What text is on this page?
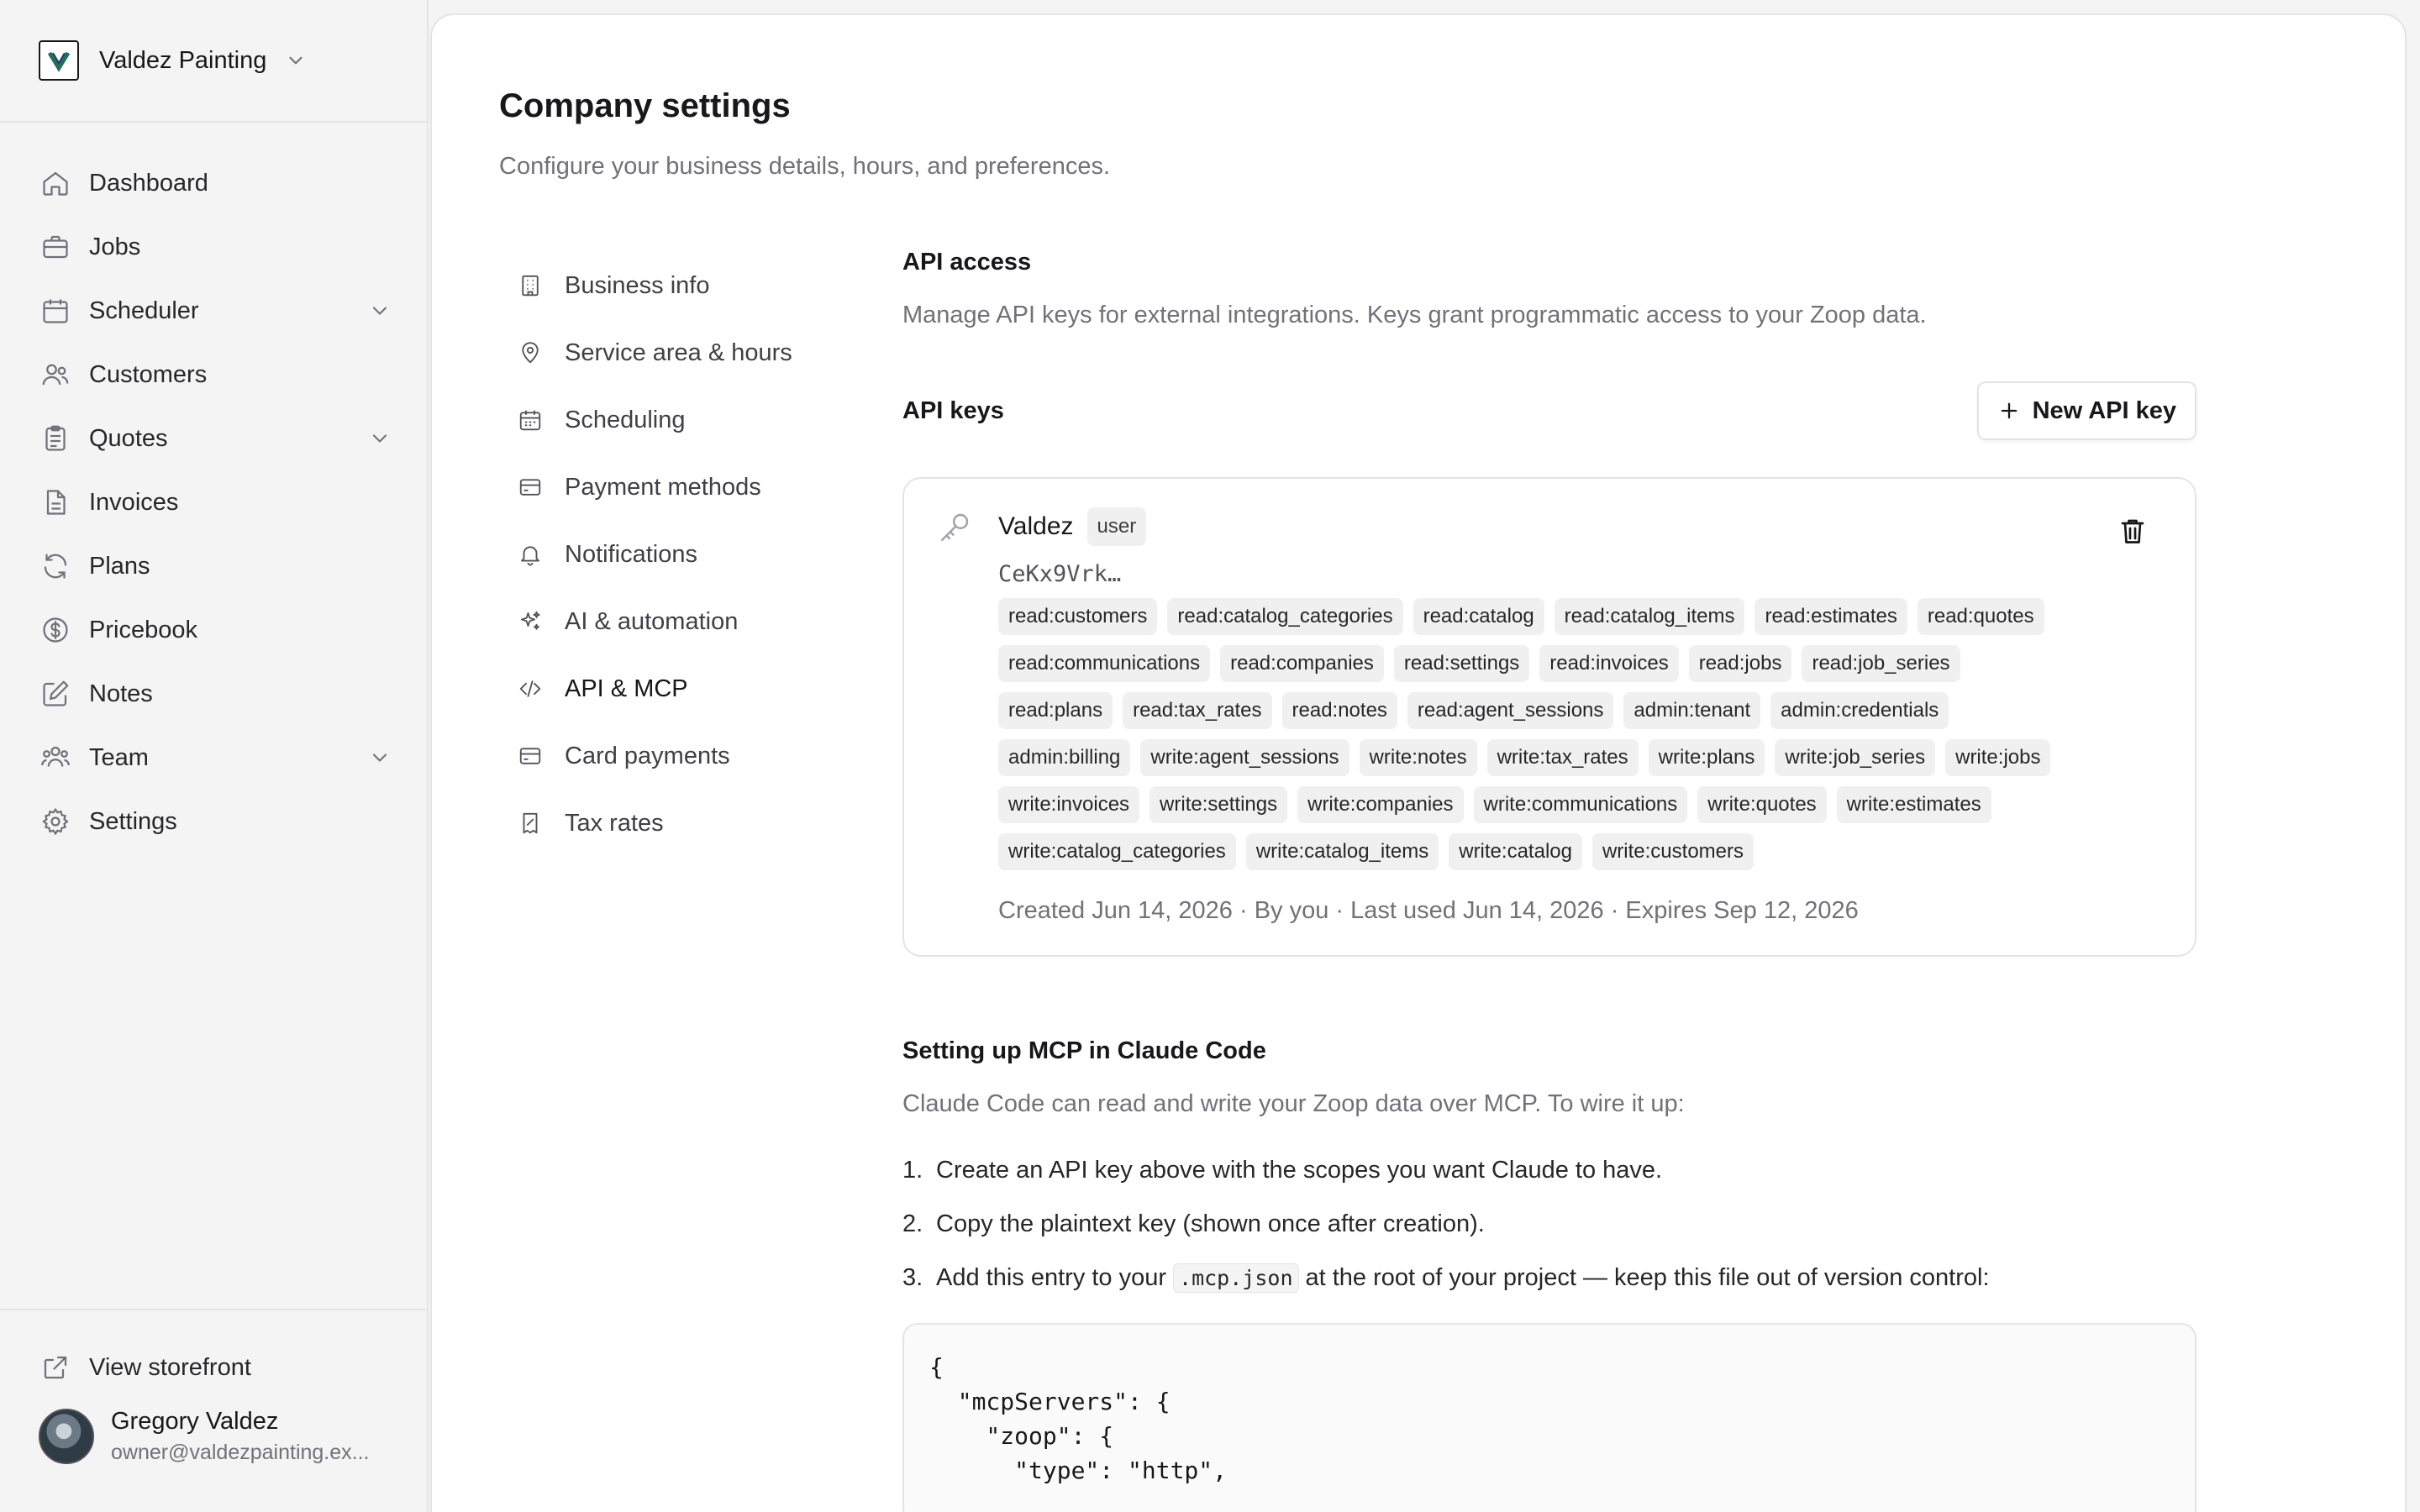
Valdez Painting
Dashboard
Jobs
Scheduler
Customers
Quotes
Invoices
Plans
Pricebook
Notes
Team
Settings
View storefront
Gregory Valdez
owner@valdezpainting.ex...
Company settings
Configure your business details, hours, and preferences.
Business info
Service area & hours
Scheduling
Payment methods
Notifications
AI & automation
API & MCP
Card payments
Tax rates
API access
Manage API keys for external integrations. Keys grant programmatic access to your Zoop data.
API keys	New API key
Valdez	user
CeKx9Vrk…
read:customers	read:catalog_categories	read:catalog	read:catalog_items	read:estimates	read:quotes
read:communications	read:companies	read:settings	read:invoices	read:jobs	read:job_series
read:plans	read:tax_rates	read:notes	read:agent_sessions	admin:tenant	admin:credentials
admin:billing	write:agent_sessions	write:notes	write:tax_rates	write:plans	write:job_series	write:jobs
write:invoices	write:settings	write:companies	write:communications	write:quotes	write:estimates
write:catalog_categories	write:catalog_items	write:catalog	write:customers
Created Jun 14, 2026 · By you · Last used Jun 14, 2026 · Expires Sep 12, 2026
Setting up MCP in Claude Code
Claude Code can read and write your Zoop data over MCP. To wire it up:
1. Create an API key above with the scopes you want Claude to have.
2. Copy the plaintext key (shown once after creation).
3. Add this entry to your .mcp.json at the root of your project — keep this file out of version control:
{
"mcpServers": {
"zoop": {
"type": "http",
